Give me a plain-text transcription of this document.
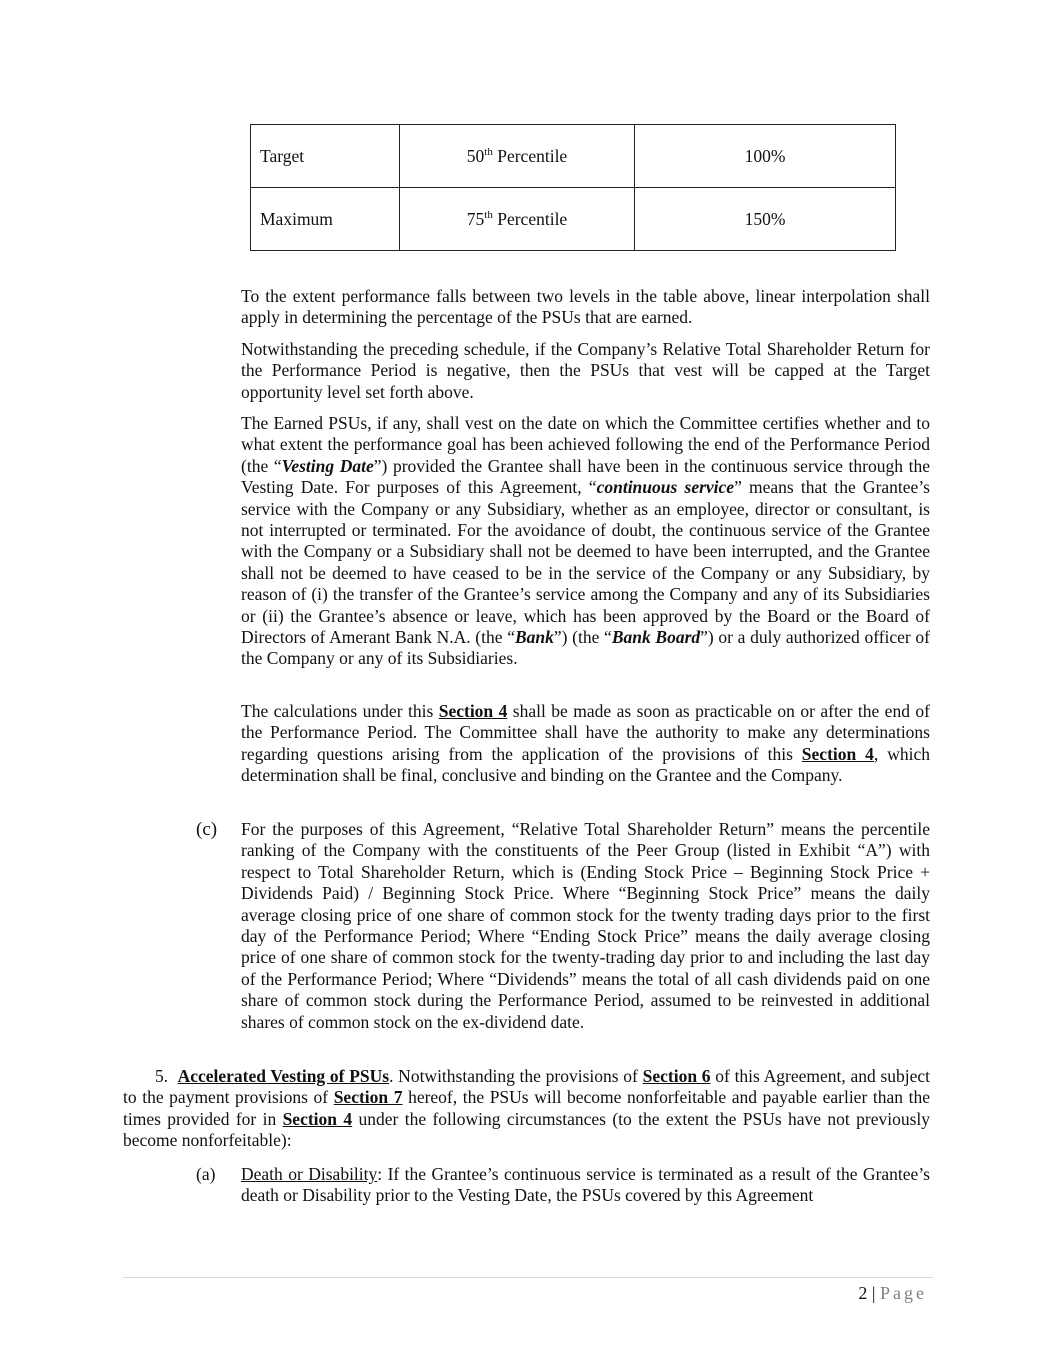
Target	50th Percentile	100%
Maximum	75th Percentile	150%

To the extent performance falls between two levels in the table above, linear interpolation shall apply in determining the percentage of the PSUs that are earned.

Notwithstanding the preceding schedule, if the Company’s Relative Total Shareholder Return for the Performance Period is negative, then the PSUs that vest will be capped at the Target opportunity level set forth above.

The Earned PSUs, if any, shall vest on the date on which the Committee certifies whether and to what extent the performance goal has been achieved following the end of the Performance Period (the “Vesting Date”) provided the Grantee shall have been in the continuous service through the Vesting Date. For purposes of this Agreement, “continuous service” means that the Grantee’s service with the Company or any Subsidiary, whether as an employee, director or consultant, is not interrupted or terminated. For the avoidance of doubt, the continuous service of the Grantee with the Company or a Subsidiary shall not be deemed to have been interrupted, and the Grantee shall not be deemed to have ceased to be in the service of the Company or any Subsidiary, by reason of (i) the transfer of the Grantee’s service among the Company and any of its Subsidiaries or (ii) the Grantee’s absence or leave, which has been approved by the Board or the Board of Directors of Amerant Bank N.A. (the “Bank”) (the “Bank Board”) or a duly authorized officer of the Company or any of its Subsidiaries.

The calculations under this Section 4 shall be made as soon as practicable on or after the end of the Performance Period. The Committee shall have the authority to make any determinations regarding questions arising from the application of the provisions of this Section 4, which determination shall be final, conclusive and binding on the Grantee and the Company.

(c)	For the purposes of this Agreement, “Relative Total Shareholder Return” means the percentile ranking of the Company with the constituents of the Peer Group (listed in Exhibit “A”) with respect to Total Shareholder Return, which is (Ending Stock Price – Beginning Stock Price + Dividends Paid) / Beginning Stock Price. Where “Beginning Stock Price” means the daily average closing price of one share of common stock for the twenty trading days prior to the first day of the Performance Period; Where “Ending Stock Price” means the daily average closing price of one share of common stock for the twenty-trading day prior to and including the last day of the Performance Period; Where “Dividends” means the total of all cash dividends paid on one share of common stock during the Performance Period, assumed to be reinvested in additional shares of common stock on the ex-dividend date.

5. Accelerated Vesting of PSUs. Notwithstanding the provisions of Section 6 of this Agreement, and subject to the payment provisions of Section 7 hereof, the PSUs will become nonforfeitable and payable earlier than the times provided for in Section 4 under the following circumstances (to the extent the PSUs have not previously become nonforfeitable):

(a)	Death or Disability: If the Grantee’s continuous service is terminated as a result of the Grantee’s death or Disability prior to the Vesting Date, the PSUs covered by this Agreement

2 | Page
